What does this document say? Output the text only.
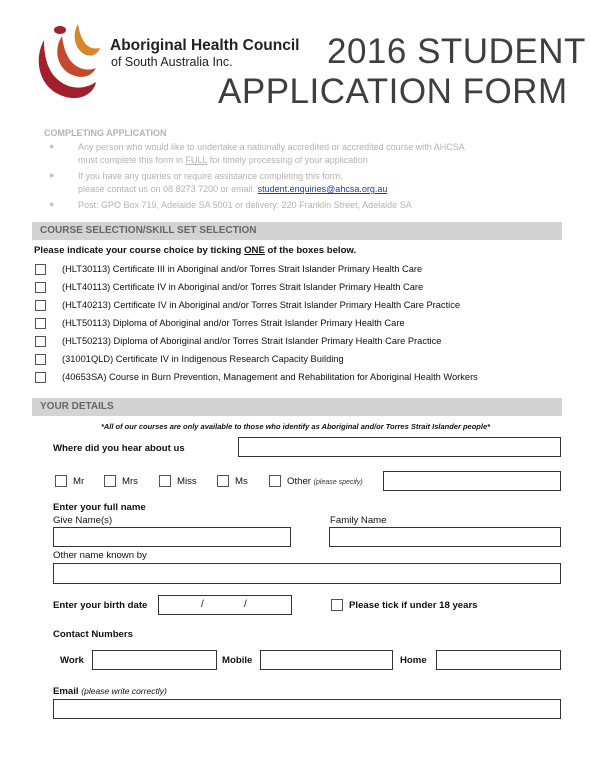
Aboriginal Health Council
of South Australia Inc.	2016 STUDENT
APPLICATION FORM
COMPLETING APPLICATION
●	Any person who would like to undertake a nationally accredited or accredited course with AHCSA
must complete this form in FULL for timely processing of your application
●	If you have any queries or require assistance completing this form,
please contact us on 08 8273 7200 or email: student.enquiries@ahcsa.org.au
●	Post: GPO Box 719, Adelaide SA 5001 or delivery: 220 Franklin Street, Adelaide SA
COURSE SELECTION/SKILL SET SELECTION
Please indicate your course choice by ticking ONE of the boxes below.
(HLT30113) Certificate III in Aboriginal and/or Torres Strait Islander Primary Health Care
(HLT40113) Certificate IV in Aboriginal and/or Torres Strait Islander Primary Health Care
(HLT40213) Certificate IV in Aboriginal and/or Torres Strait Islander Primary Health Care Practice
(HLT50113) Diploma of Aboriginal and/or Torres Strait Islander Primary Health Care
(HLT50213) Diploma of Aboriginal and/or Torres Strait Islander Primary Health Care Practice
(31001QLD) Certificate IV in Indigenous Research Capacity Building
(40653SA) Course in Burn Prevention, Management and Rehabilitation for Aboriginal Health Workers
YOUR DETAILS
*All of our courses are only available to those who identify as Aboriginal and/or Torres Strait Islander people*
Where did you hear about us
Mr	Mrs	Miss	Ms	Other (please specify)
Enter your full name
Give Name(s)	Family Name
Other name known by
Enter your birth date	/	/	Please tick if under 18 years
Contact Numbers
Work	Mobile	Home
Email (please write correctly)
